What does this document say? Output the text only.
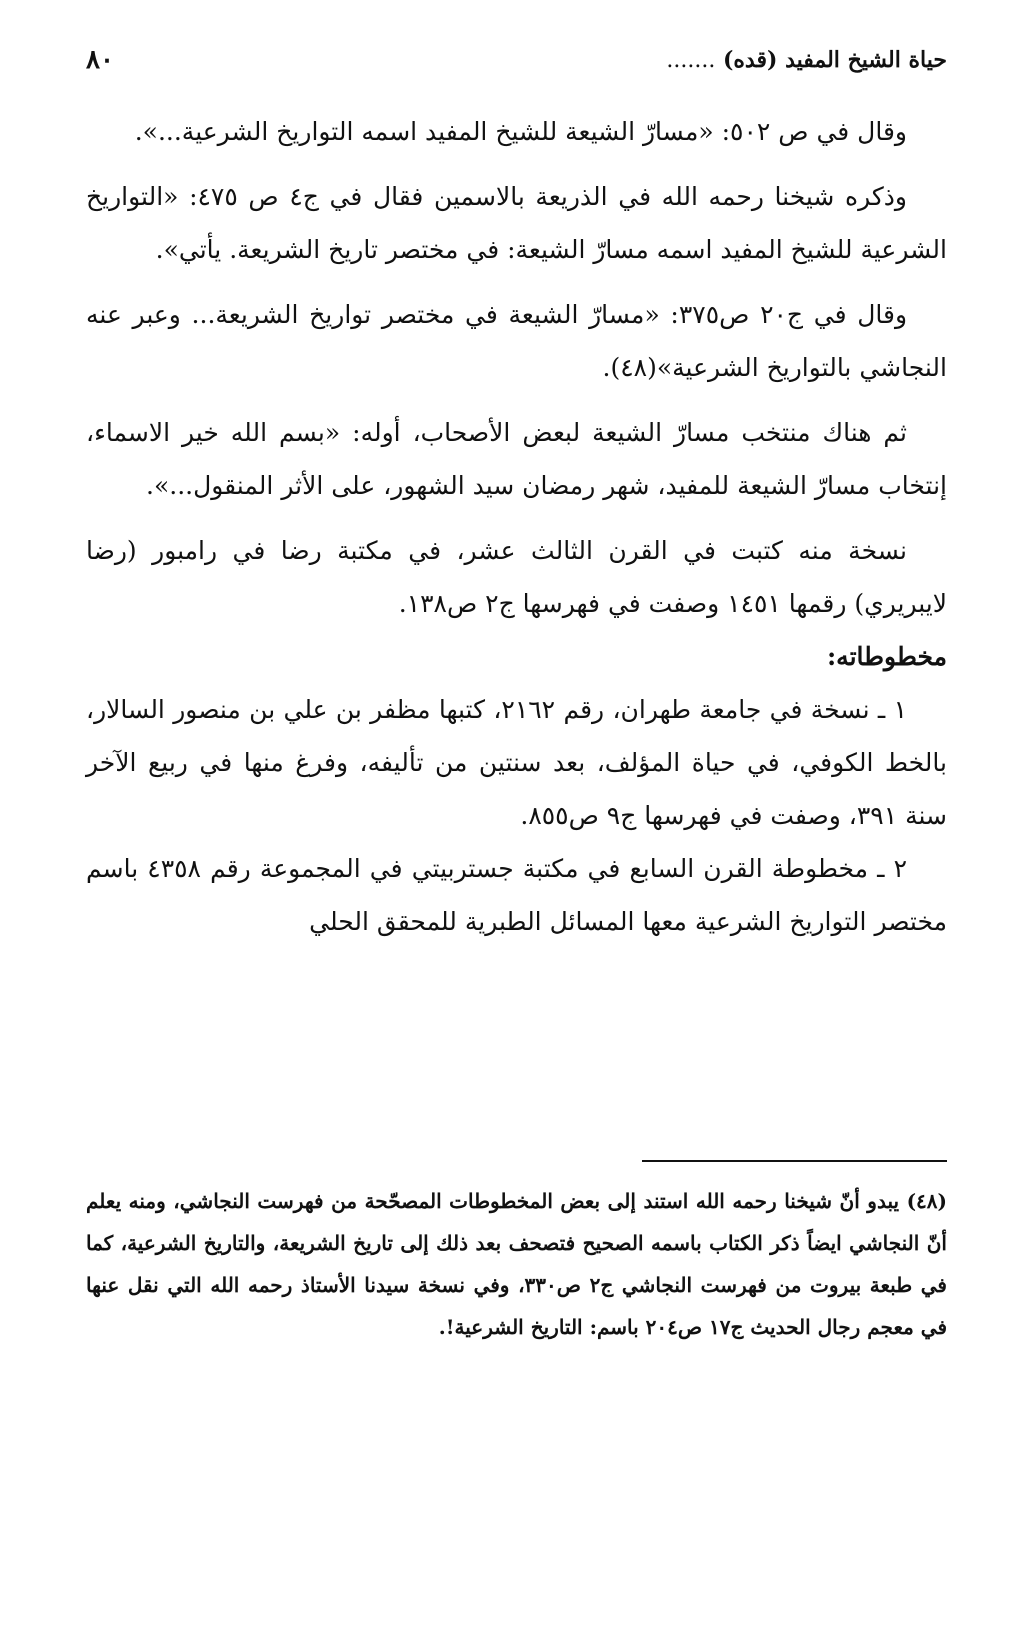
حياة الشيخ المفيد (قده) .......
٨٠

وقال في ص ٥٠٢: «مسارّ الشيعة للشيخ المفيد اسمه التواريخ الشرعية...».

وذكره شيخنا رحمه الله في الذريعة بالاسمين فقال في ج٤ ص ٤٧٥: «التواريخ الشرعية للشيخ المفيد اسمه مسارّ الشيعة: في مختصر تاريخ الشريعة. يأتي».

وقال في ج٢٠ ص٣٧٥: «مسارّ الشيعة في مختصر تواريخ الشريعة... وعبر عنه النجاشي بالتواريخ الشرعية»(٤٨).

ثم هناك منتخب مسارّ الشيعة لبعض الأصحاب، أوله: «بسم الله خير الاسماء، إنتخاب مسارّ الشيعة للمفيد، شهر رمضان سيد الشهور، على الأثر المنقول...».

نسخة منه كتبت في القرن الثالث عشر، في مكتبة رضا في رامبور (رضا لايبريري) رقمها ١٤٥١ وصفت في فهرسها ج٢ ص١٣٨.

مخطوطاته:

١ ـ نسخة في جامعة طهران، رقم ٢١٦٢، كتبها مظفر بن علي بن منصور السالار، بالخط الكوفي، في حياة المؤلف، بعد سنتين من تأليفه، وفرغ منها في ربيع الآخر سنة ٣٩١، وصفت في فهرسها ج٩ ص٨٥٥.

٢ ـ مخطوطة القرن السابع في مكتبة جستربيتي في المجموعة رقم ٤٣٥٨ باسم مختصر التواريخ الشرعية معها المسائل الطبرية للمحقق الحلي

(٤٨) يبدو أنّ شيخنا رحمه الله استند إلى بعض المخطوطات المصحّحة من فهرست النجاشي، ومنه يعلم أنّ النجاشي ايضاً ذكر الكتاب باسمه الصحيح فتصحف بعد ذلك إلى تاريخ الشريعة، والتاريخ الشرعية، كما في طبعة بيروت من فهرست النجاشي ج٢ ص٣٣٠، وفي نسخة سيدنا الأستاذ رحمه الله التي نقل عنها في معجم رجال الحديث ج١٧ ص٢٠٤ باسم: التاريخ الشرعية!.
